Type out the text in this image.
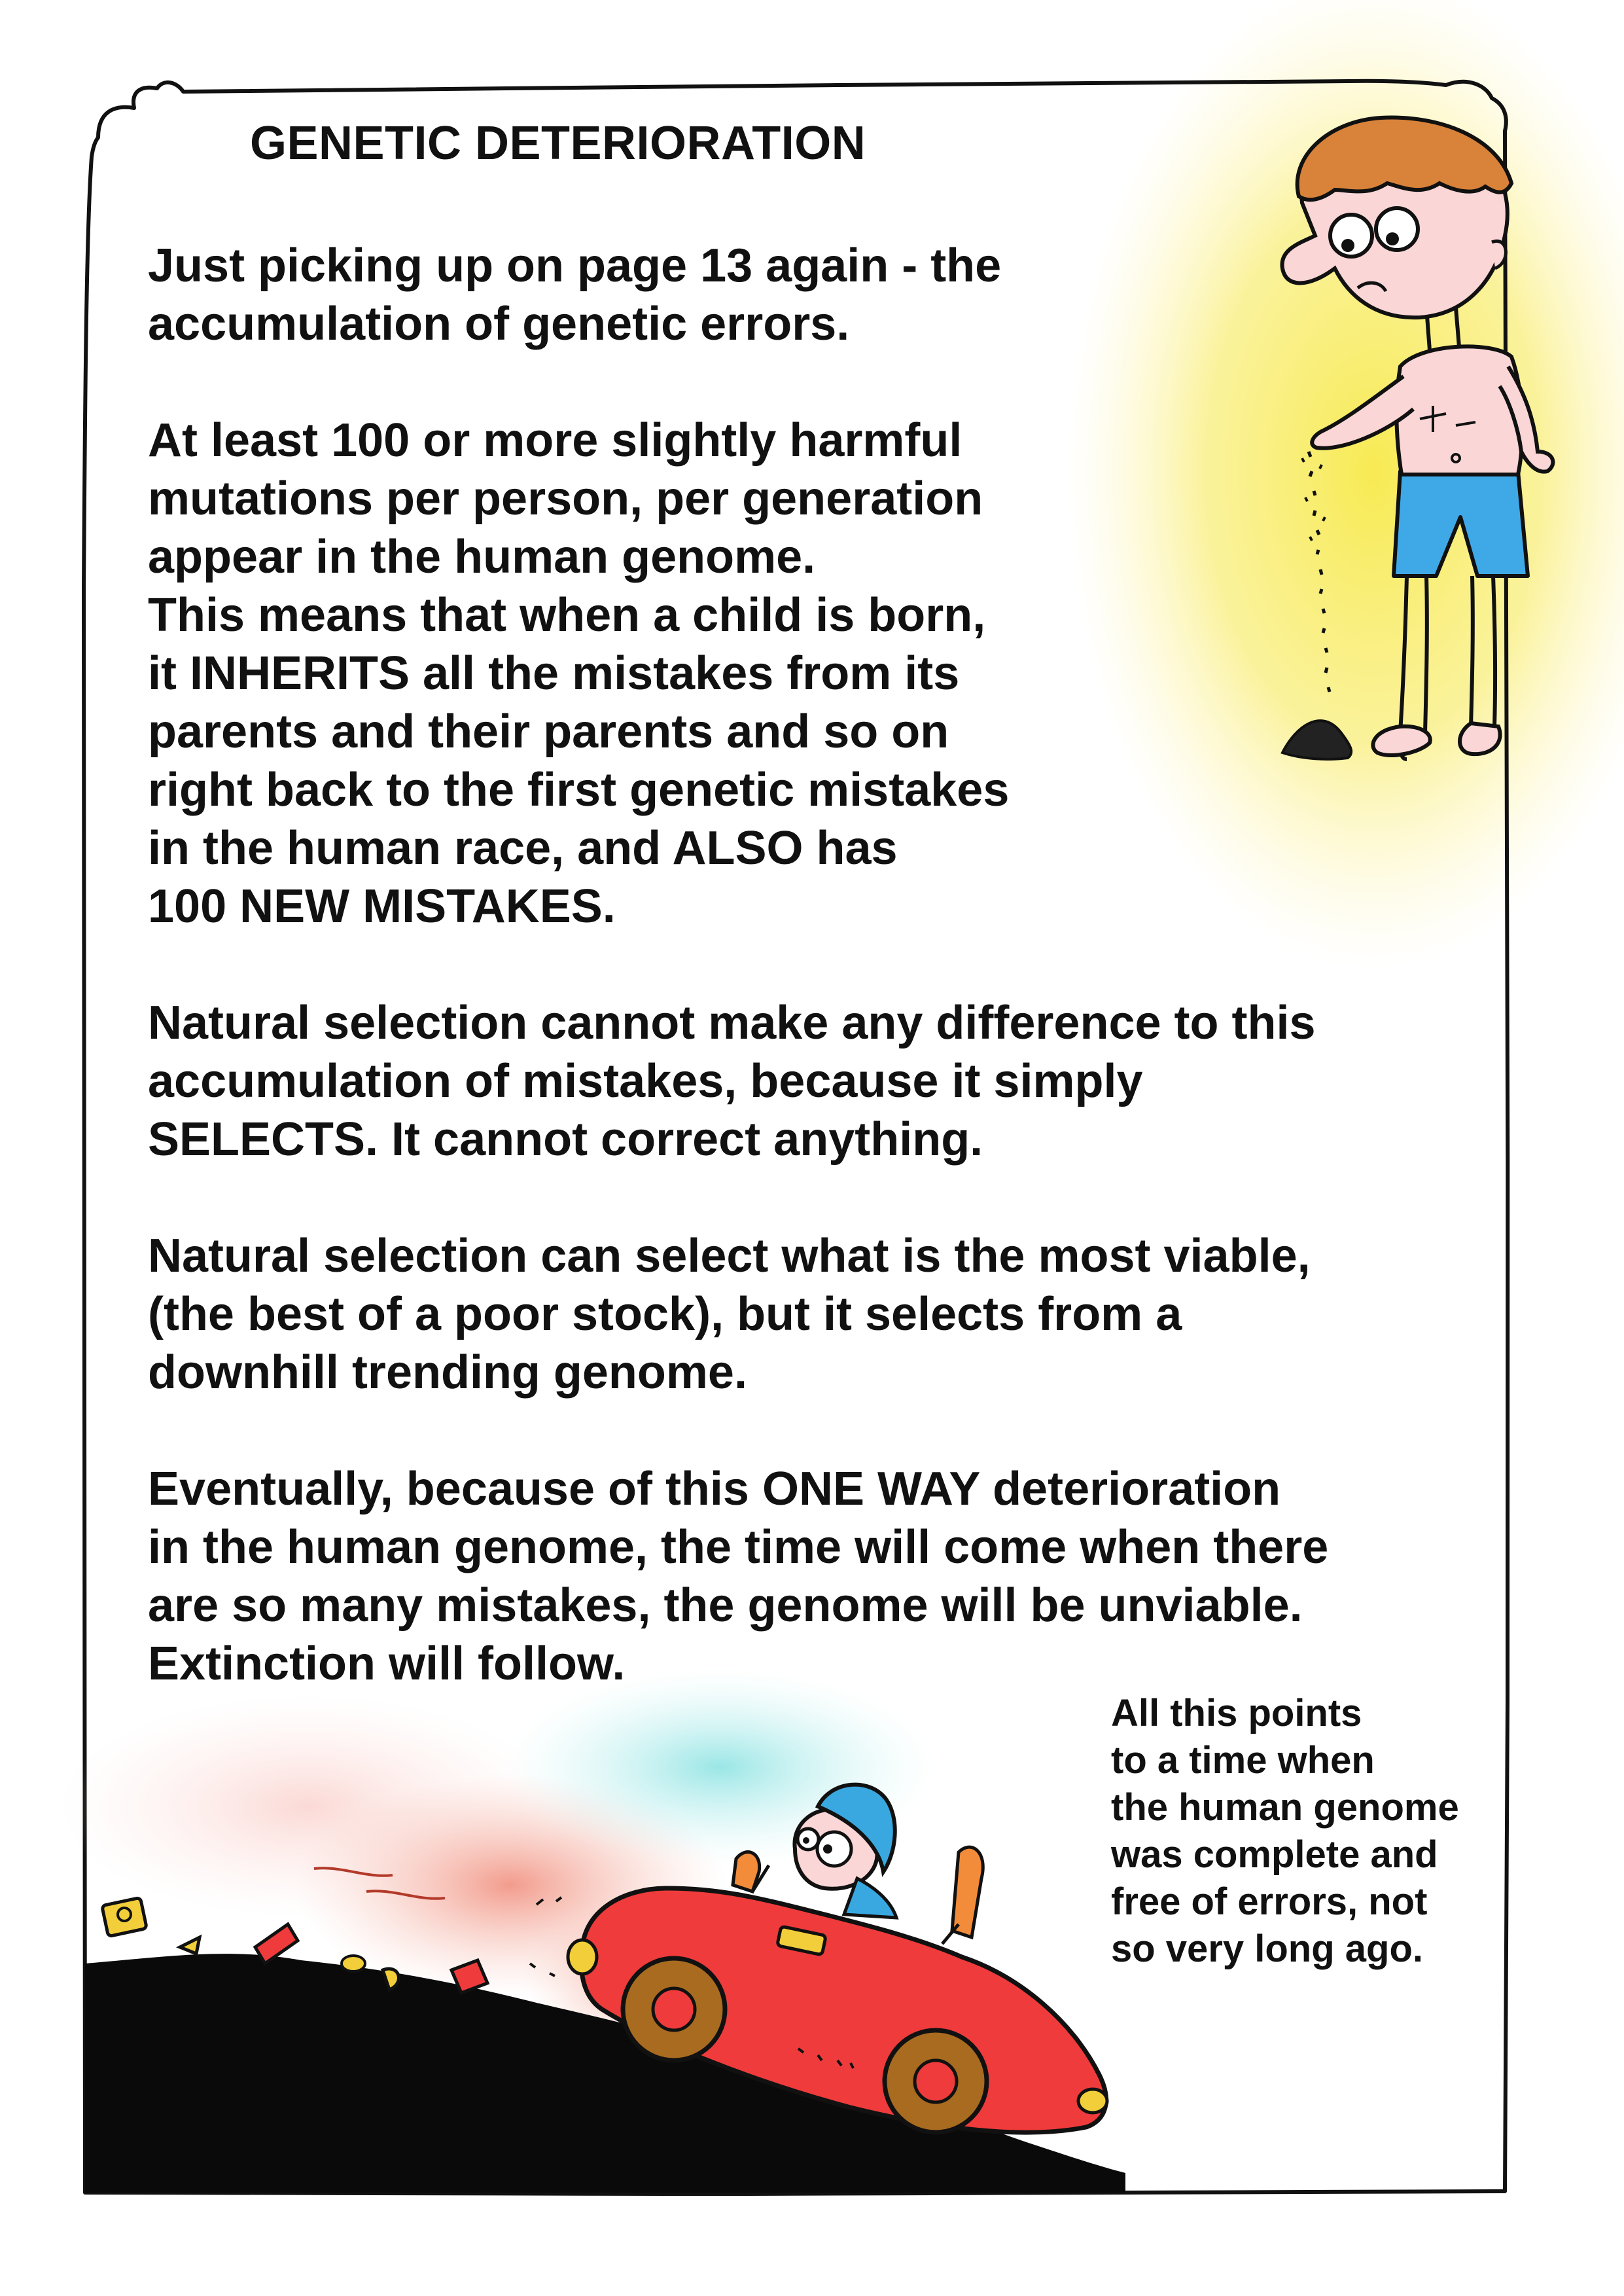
GENETIC DETERIORATION

Just picking up on page 13 again - the
accumulation of genetic errors.

At least 100 or more slightly harmful
mutations per person, per generation
appear in the human genome.
This means that when a child is born,
it INHERITS all the mistakes from its
parents and their parents and so on
right back to the first genetic mistakes
in the human race, and ALSO has
100 NEW MISTAKES.

Natural selection cannot make any difference to this
accumulation of mistakes, because it simply
SELECTS. It cannot correct anything.

Natural selection can select what is the most viable,
(the best of a poor stock), but it selects from a
downhill trending genome.

Eventually, because of this ONE WAY deterioration
in the human genome, the time will come when there
are so many mistakes, the genome will be unviable.
Extinction will follow.

All this points
to a time when
the human genome
was complete and
free of errors, not
so very long ago.
